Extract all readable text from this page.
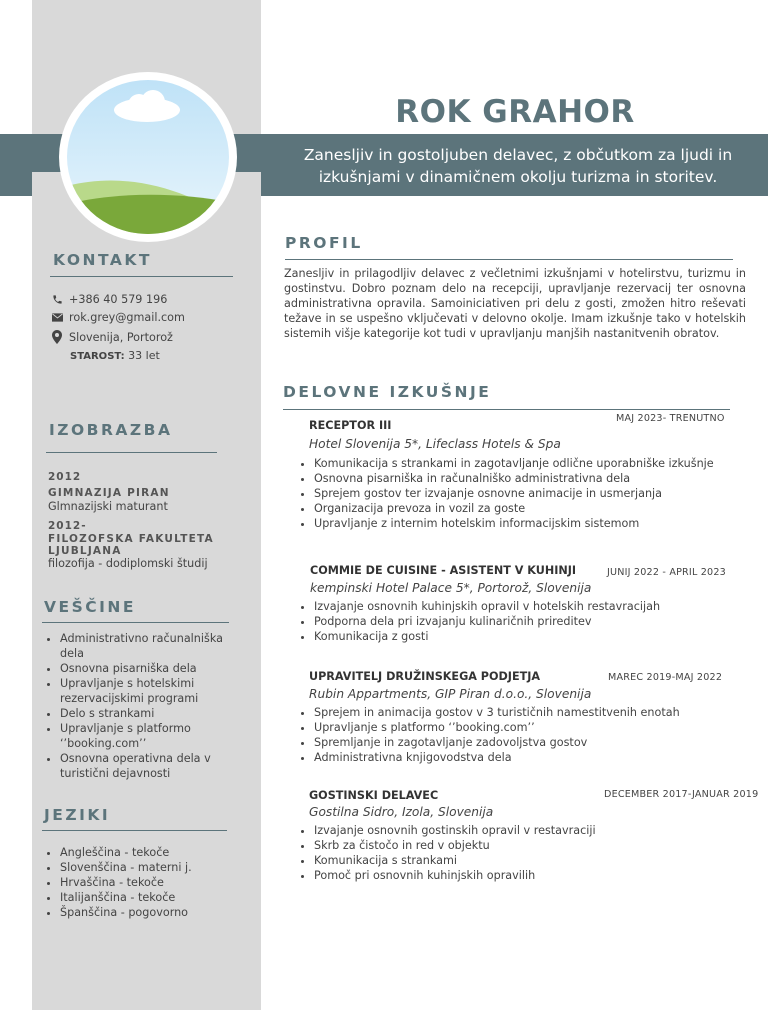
ROK GRAHOR
Zanesljiv in gostoljuben delavec, z občutkom za ljudi in izkušnjami v dinamičnem okolju turizma in storitev.
KONTAKT
+386 40 579 196
rok.grey@gmail.com
Slovenija, Portorož
STAROST: 33 let
IZOBRAZBA
2012
GIMNAZIJA PIRAN
Glmnazijski maturant
2012-
FILOZOFSKA FAKULTETA LJUBLJANA
filozofija - dodiplomski študij
VEŠČINE
• Administrativno računalniška dela
• Osnovna pisarniška dela
• Upravljanje s hotelskimi rezervacijskimi programi
• Delo s strankami
• Upravljanje s platformo ‘’booking.com’’
• Osnovna operativna dela v turistični dejavnosti
JEZIKI
• Angleščina - tekoče
• Slovenščina - materni j.
• Hrvaščina - tekoče
• Italijanščina - tekoče
• Španščina - pogovorno
PROFIL
Zanesljiv in prilagodljiv delavec z večletnimi izkušnjami v hotelirstvu, turizmu in gostinstvu. Dobro poznam delo na recepciji, upravljanje rezervacij ter osnovna administrativna opravila. Samoiniciativen pri delu z gosti, zmožen hitro reševati težave in se uspešno vključevati v delovno okolje. Imam izkušnje tako v hotelskih sistemih višje kategorije kot tudi v upravljanju manjših nastanitvenih obratov.
DELOVNE IZKUŠNJE
RECEPTOR III
MAJ 2023- TRENUTNO
Hotel Slovenija 5*, Lifeclass Hotels & Spa
• Komunikacija s strankami in zagotavljanje odlične uporabniške izkušnje
• Osnovna pisarniška in računalniško administrativna dela
• Sprejem gostov ter izvajanje osnovne animacije in usmerjanja
• Organizacija prevoza in vozil za goste
• Upravljanje z internim hotelskim informacijskim sistemom
COMMIE DE CUISINE - ASISTENT V KUHINJI	JUNIJ 2022 - APRIL 2023
kempinski Hotel Palace 5*, Portorož, Slovenija
• Izvajanje osnovnih kuhinjskih opravil v hotelskih restavracijah
• Podporna dela pri izvajanju kulinaričnih prireditev
• Komunikacija z gosti
UPRAVITELJ DRUŽINSKEGA PODJETJA	MAREC 2019-MAJ 2022
Rubin Appartments, GIP Piran d.o.o., Slovenija
• Sprejem in animacija gostov v 3 turističnih namestitvenih enotah
• Upravljanje s platformo ‘’booking.com’’
• Spremljanje in zagotavljanje zadovoljstva gostov
• Administrativna knjigovodstva dela
GOSTINSKI DELAVEC	DECEMBER 2017-JANUAR 2019
Gostilna Sidro, Izola, Slovenija
• Izvajanje osnovnih gostinskih opravil v restavraciji
• Skrb za čistočo in red v objektu
• Komunikacija s strankami
• Pomoč pri osnovnih kuhinjskih opravilih
